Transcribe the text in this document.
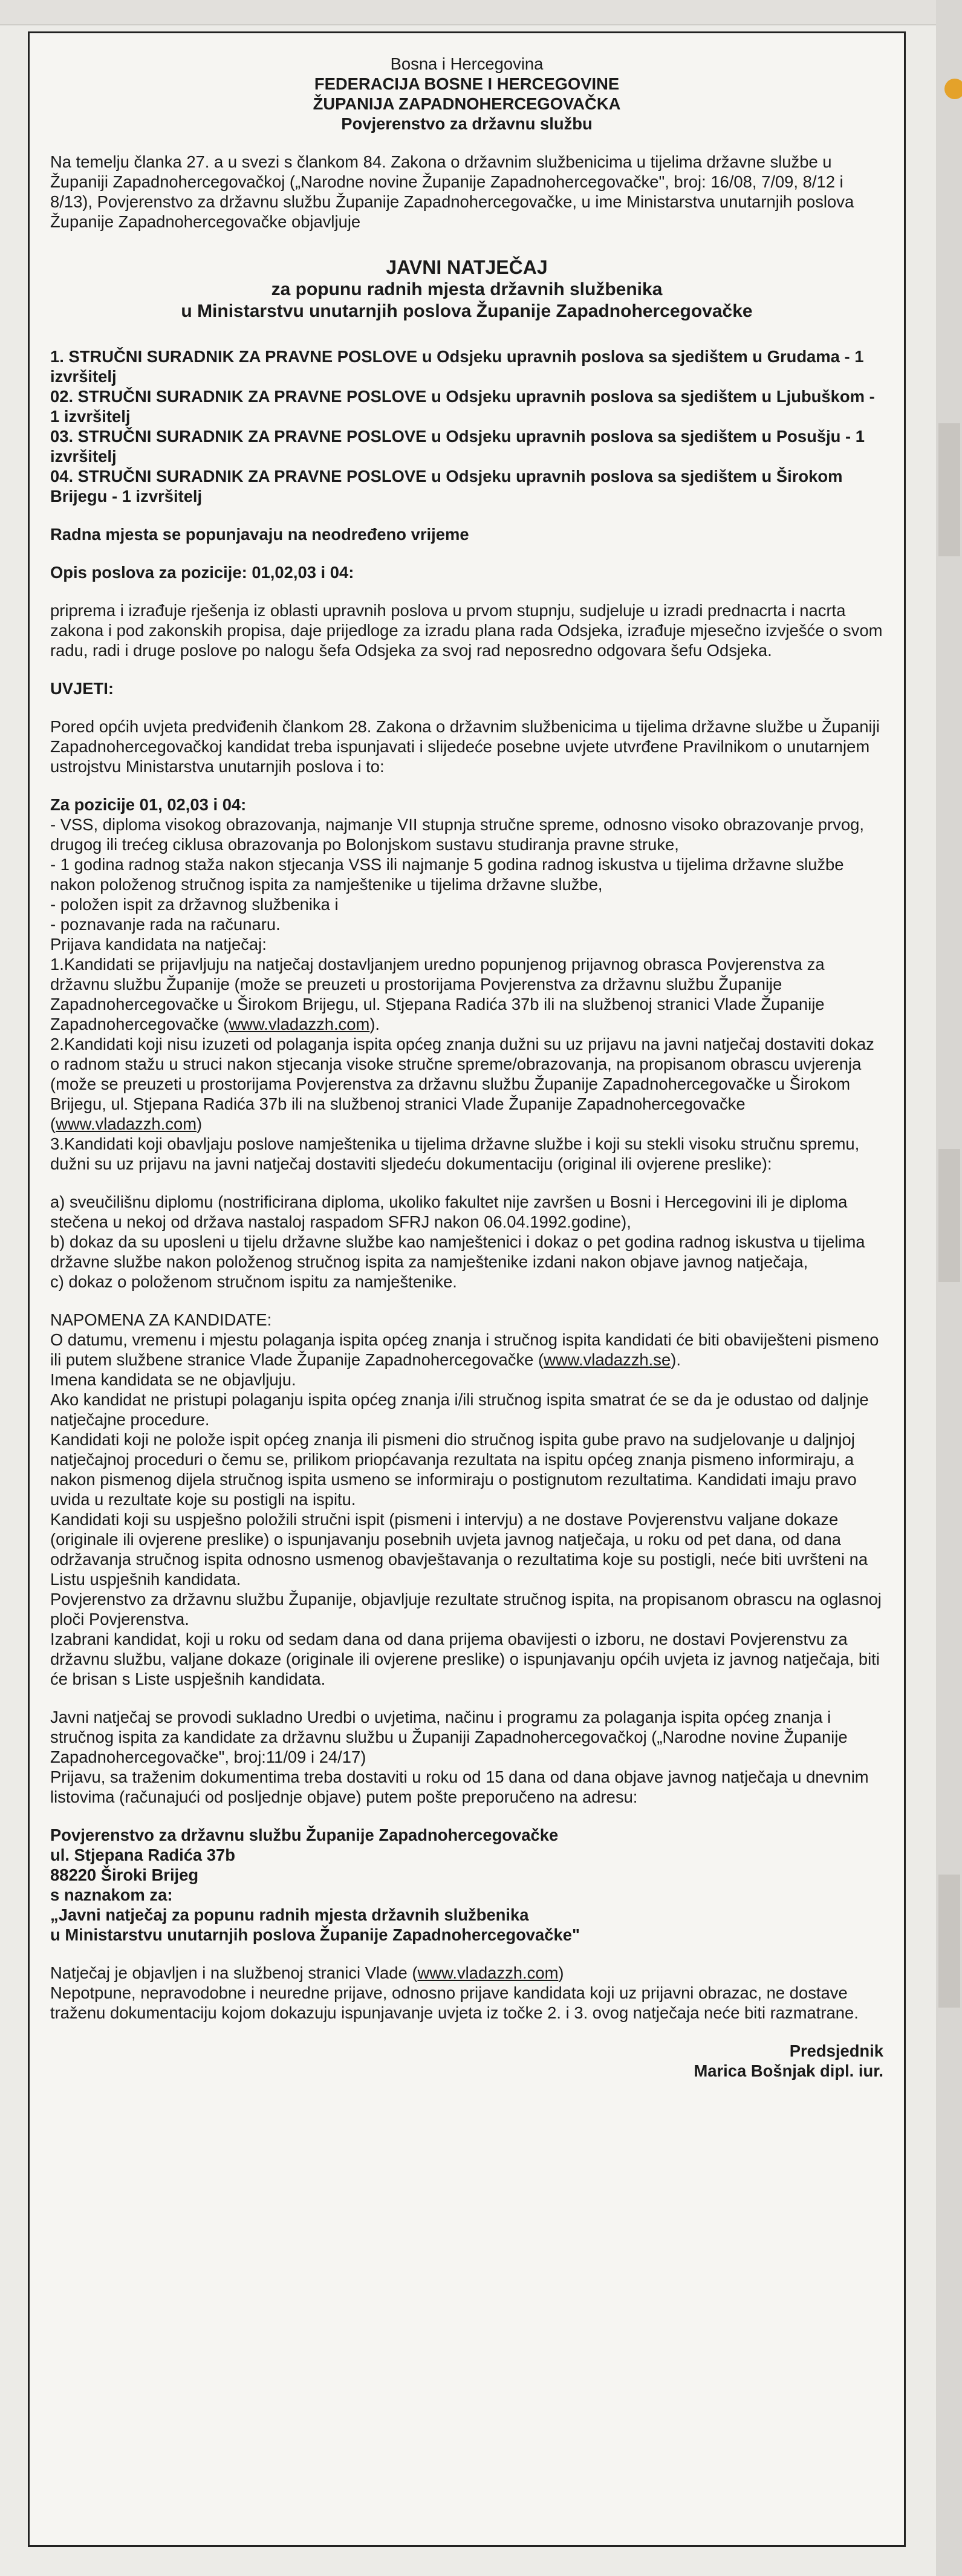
Bosna i Hercegovina
FEDERACIJA BOSNE I HERCEGOVINE
ŽUPANIJA ZAPADNOHERCEGOVAČKA
Povjerenstvo za državnu službu

Na temelju članka 27. a u svezi s člankom 84. Zakona o državnim službenicima u tijelima državne službe u Županiji Zapadnohercegovačkoj („Narodne novine Županije Zapadnohercegovačke", broj: 16/08, 7/09, 8/12 i 8/13), Povjerenstvo za državnu službu Županije Zapadnohercegovačke, u ime Ministarstva unutarnjih poslova Županije Zapadnohercegovačke objavljuje

JAVNI NATJEČAJ
za popunu radnih mjesta državnih službenika
u Ministarstvu unutarnjih poslova Županije Zapadnohercegovačke

1. STRUČNI SURADNIK ZA PRAVNE POSLOVE u Odsjeku upravnih poslova sa sjedištem u Grudama - 1 izvršitelj

02. STRUČNI SURADNIK ZA PRAVNE POSLOVE u Odsjeku upravnih poslova sa sjedištem u Ljubuškom - 1 izvršitelj

03. STRUČNI SURADNIK ZA PRAVNE POSLOVE u Odsjeku upravnih poslova sa sjedištem u Posušju - 1 izvršitelj

04. STRUČNI SURADNIK ZA PRAVNE POSLOVE u Odsjeku upravnih poslova sa sjedištem u Širokom Brijegu - 1 izvršitelj

Radna mjesta se popunjavaju na neodređeno vrijeme

Opis poslova za pozicije: 01,02,03 i 04:

priprema i izrađuje rješenja iz oblasti upravnih poslova u prvom stupnju, sudjeluje u izradi prednacrta i nacrta zakona i pod zakonskih propisa, daje prijedloge za izradu plana rada Odsjeka, izrađuje mjesečno izvješće o svom radu, radi i druge poslove po nalogu šefa Odsjeka za svoj rad neposredno odgovara šefu Odsjeka.

UVJETI:

Pored općih uvjeta predviđenih člankom 28. Zakona o državnim službenicima u tijelima državne službe u Županiji Zapadnohercegovačkoj kandidat treba ispunjavati i slijedeće posebne uvjete utvrđene Pravilnikom o unutarnjem ustrojstvu Ministarstva unutarnjih poslova i to:

Za pozicije 01, 02,03 i 04:

- VSS, diploma visokog obrazovanja, najmanje VII stupnja stručne spreme, odnosno visoko obrazovanje prvog, drugog ili trećeg ciklusa obrazovanja po Bolonjskom sustavu studiranja pravne struke,
- 1 godina radnog staža nakon stjecanja VSS ili najmanje 5 godina radnog iskustva u tijelima državne službe nakon položenog stručnog ispita za namještenike u tijelima državne službe,
- položen ispit za državnog službenika i
- poznavanje rada na računaru.

Prijava kandidata na natječaj:

1.Kandidati se prijavljuju na natječaj dostavljanjem uredno popunjenog prijavnog obrasca Povjerenstva za državnu službu Županije (može se preuzeti u prostorijama Povjerenstva za državnu službu Županije Zapadnohercegovačke u Širokom Brijegu, ul. Stjepana Radića 37b ili na službenoj stranici Vlade Županije Zapadnohercegovačke (www.vladazzh.com).

2.Kandidati koji nisu izuzeti od polaganja ispita općeg znanja dužni su uz prijavu na javni natječaj dostaviti dokaz o radnom stažu u struci nakon stjecanja visoke stručne spreme/obrazovanja, na propisanom obrascu uvjerenja (može se preuzeti u prostorijama Povjerenstva za državnu službu Županije Zapadnohercegovačke u Širokom Brijegu, ul. Stjepana Radića 37b ili na službenoj stranici Vlade Županije Zapadnohercegovačke (www.vladazzh.com)

3.Kandidati koji obavljaju poslove namještenika u tijelima državne službe i koji su stekli visoku stručnu spremu, dužni su uz prijavu na javni natječaj dostaviti sljedeću dokumentaciju (original ili ovjerene preslike):

a) sveučilišnu diplomu (nostrificirana diploma, ukoliko fakultet nije završen u Bosni i Hercegovini ili je diploma stečena u nekoj od država nastaloj raspadom SFRJ nakon 06.04.1992.godine),

b) dokaz da su uposleni u tijelu državne službe kao namještenici i dokaz o pet godina radnog iskustva u tijelima državne službe nakon položenog stručnog ispita za namještenike izdani nakon objave javnog natječaja,

c) dokaz o položenom stručnom ispitu za namještenike.

NAPOMENA ZA KANDIDATE:

O datumu, vremenu i mjestu polaganja ispita općeg znanja i stručnog ispita kandidati će biti obaviješteni pismeno ili putem službene stranice Vlade Županije Zapadnohercegovačke (www.vladazzh.se).

Imena kandidata se ne objavljuju.

Ako kandidat ne pristupi polaganju ispita općeg znanja i/ili stručnog ispita smatrat će se da je odustao od daljnje natječajne procedure.

Kandidati koji ne polože ispit općeg znanja ili pismeni dio stručnog ispita gube pravo na sudjelovanje u daljnjoj natječajnoj proceduri o čemu se, prilikom priopćavanja rezultata na ispitu općeg znanja pismeno informiraju, a nakon pismenog dijela stručnog ispita usmeno se informiraju o postignutom rezultatima. Kandidati imaju pravo uvida u rezultate koje su postigli na ispitu.

Kandidati koji su uspješno položili stručni ispit (pismeni i intervju) a ne dostave Povjerenstvu valjane dokaze (originale ili ovjerene preslike) o ispunjavanju posebnih uvjeta javnog natječaja, u roku od pet dana, od dana održavanja stručnog ispita odnosno usmenog obavještavanja o rezultatima koje su postigli, neće biti uvršteni na Listu uspješnih kandidata.

Povjerenstvo za državnu službu Županije, objavljuje rezultate stručnog ispita, na propisanom obrascu na oglasnoj ploči Povjerenstva.

Izabrani kandidat, koji u roku od sedam dana od dana prijema obavijesti o izboru, ne dostavi Povjerenstvu za državnu službu, valjane dokaze (originale ili ovjerene preslike) o ispunjavanju općih uvjeta iz javnog natječaja, biti će brisan s Liste uspješnih kandidata.

Javni natječaj se provodi sukladno Uredbi o uvjetima, načinu i programu za polaganja ispita općeg znanja i stručnog ispita za kandidate za državnu službu u Županiji Zapadnohercegovačkoj („Narodne novine Županije Zapadnohercegovačke", broj:11/09 i 24/17)

Prijavu, sa traženim dokumentima treba dostaviti u roku od 15 dana od dana objave javnog natječaja u dnevnim listovima (računajući od posljednje objave) putem pošte preporučeno na adresu:

Povjerenstvo za državnu službu Županije Zapadnohercegovačke

ul. Stjepana Radića 37b

88220 Široki Brijeg

s naznakom za:

„Javni natječaj za popunu radnih mjesta državnih službenika

u Ministarstvu unutarnjih poslova Županije Zapadnohercegovačke"

Natječaj je objavljen i na službenoj stranici Vlade (www.vladazzh.com)

Nepotpune, nepravodobne i neuredne prijave, odnosno prijave kandidata koji uz prijavni obrazac, ne dostave traženu dokumentaciju kojom dokazuju ispunjavanje uvjeta iz točke 2. i 3. ovog natječaja neće biti razmatrane.

Predsjednik

Marica Bošnjak dipl. iur.
